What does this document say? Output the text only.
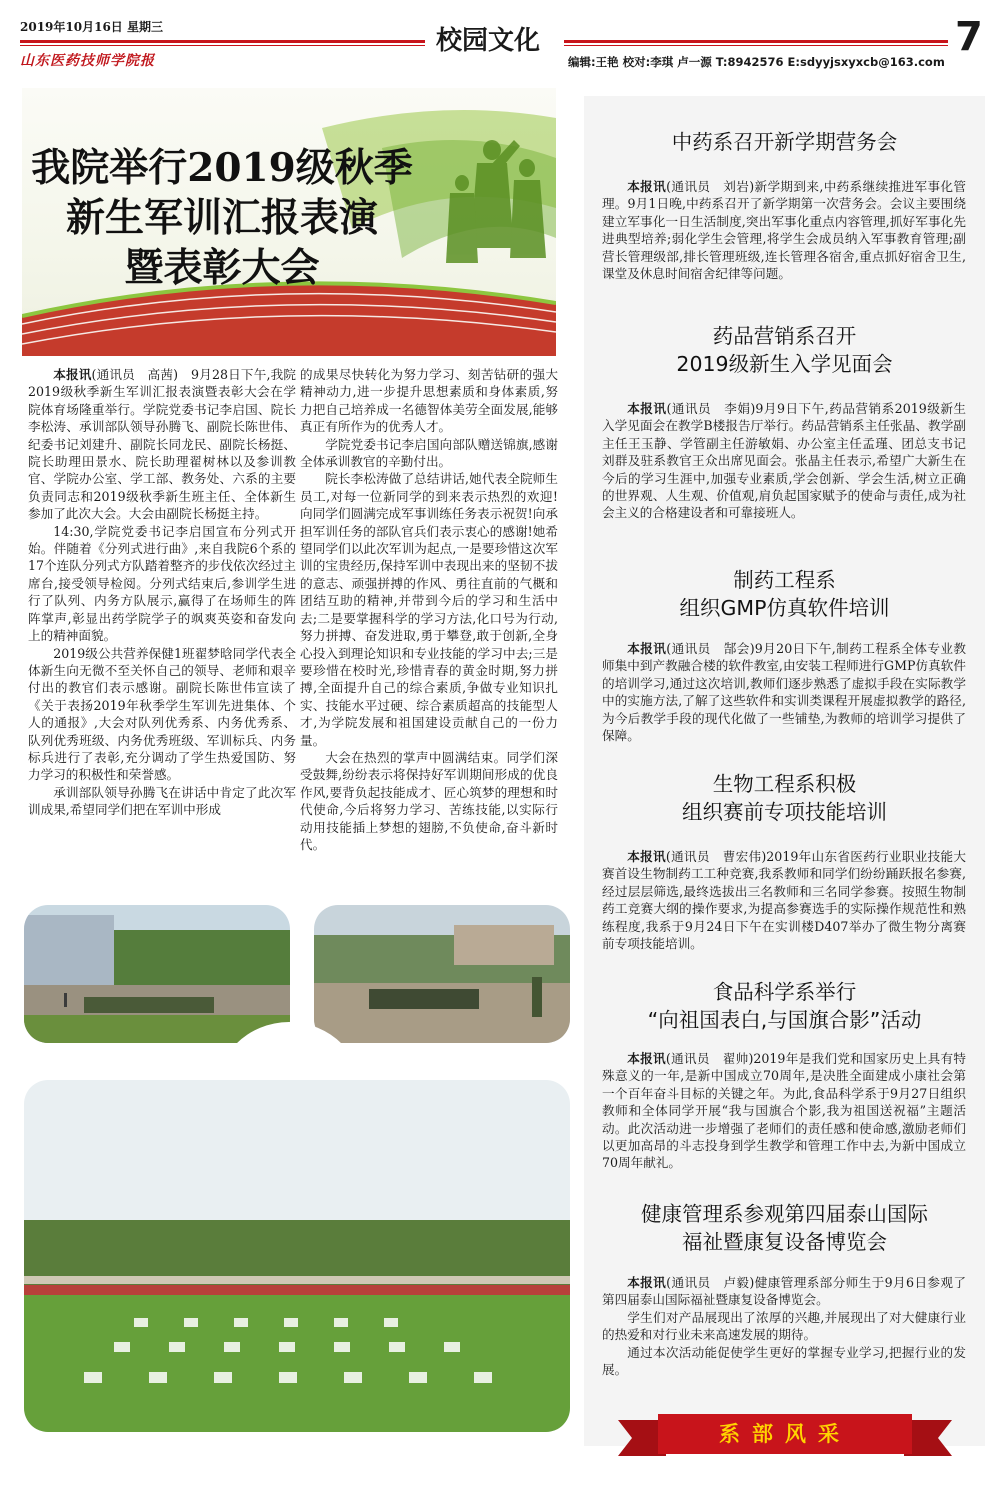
2019年10月16日 星期三
山东医药技师学院报
校园文化	7
编辑:王艳 校对:李琪 卢一源 T:8942576 E:sdyyjsxyxcb@163.com
我院举行2019级秋季
新生军训汇报表演
暨表彰大会

本报讯(通讯员　高茜)　9月28日下午,我院2019级秋季新生军训汇报表演暨表彰大会在学院体育场隆重举行。学院党委书记李启国、院长李松涛、承训部队领导孙腾飞、副院长陈世伟、纪委书记刘建升、副院长同龙民、副院长杨挺、院长助理田景水、院长助理翟树林以及参训教官、学院办公室、学工部、教务处、六系的主要负责同志和2019级秋季新生班主任、全体新生参加了此次大会。大会由副院长杨挺主持。

14:30,学院党委书记李启国宣布分列式开始。伴随着《分列式进行曲》,来自我院6个系的17个连队分列式方队踏着整齐的步伐依次经过主席台,接受领导检阅。分列式结束后,参训学生进行了队列、内务方队展示,赢得了在场师生的阵阵掌声,彰显出药学院学子的飒爽英姿和奋发向上的精神面貌。

2019级公共营养保健1班翟梦晗同学代表全体新生向无微不至关怀自己的领导、老师和艰辛付出的教官们表示感谢。副院长陈世伟宣读了《关于表扬2019年秋季学生军训先进集体、个人的通报》,大会对队列优秀系、内务优秀系、队列优秀班级、内务优秀班级、军训标兵、内务标兵进行了表彰,充分调动了学生热爱国防、努力学习的积极性和荣誉感。

承训部队领导孙腾飞在讲话中肯定了此次军训成果,希望同学们把在军训中形成

的成果尽快转化为努力学习、刻苦钻研的强大精神动力,进一步提升思想素质和身体素质,努力把自己培养成一名德智体美劳全面发展,能够真正有所作为的优秀人才。

学院党委书记李启国向部队赠送锦旗,感谢全体承训教官的辛勤付出。

院长李松涛做了总结讲话,她代表全院师生员工,对每一位新同学的到来表示热烈的欢迎!向同学们圆满完成军事训练任务表示祝贺!向承担军训任务的部队官兵们表示衷心的感谢!她希望同学们以此次军训为起点,一是要珍惜这次军训的宝贵经历,保持军训中表现出来的坚韧不拔的意志、顽强拼搏的作风、勇往直前的气概和团结互助的精神,并带到今后的学习和生活中去;二是要掌握科学的学习方法,化口号为行动,努力拼搏、奋发进取,勇于攀登,敢于创新,全身心投入到理论知识和专业技能的学习中去;三是要珍惜在校时光,珍惜青春的黄金时期,努力拼搏,全面提升自己的综合素质,争做专业知识扎实、技能水平过硬、综合素质超高的技能型人才,为学院发展和祖国建设贡献自己的一份力量。

大会在热烈的掌声中圆满结束。同学们深受鼓舞,纷纷表示将保持好军训期间形成的优良作风,要背负起技能成才、匠心筑梦的理想和时代使命,今后将努力学习、苦练技能,以实际行动用技能插上梦想的翅膀,不负使命,奋斗新时代。

中药系召开新学期营务会

本报讯(通讯员　刘岩)新学期到来,中药系继续推进军事化管理。9月1日晚,中药系召开了新学期第一次营务会。会议主要围绕建立军事化一日生活制度,突出军事化重点内容管理,抓好军事化先进典型培养;弱化学生会管理,将学生会成员纳入军事教育管理;副营长管理级部,排长管理班级,连长管理各宿舍,重点抓好宿舍卫生,课堂及休息时间宿舍纪律等问题。

药品营销系召开
2019级新生入学见面会

本报讯(通讯员　李娟)9月9日下午,药品营销系2019级新生入学见面会在教学B楼报告厅举行。药品营销系主任张晶、教学副主任王玉静、学管副主任游敏娟、办公室主任孟瑾、团总支书记刘群及驻系教官王众出席见面会。张晶主任表示,希望广大新生在今后的学习生涯中,加强专业素质,学会创新、学会生活,树立正确的世界观、人生观、价值观,肩负起国家赋予的使命与责任,成为社会主义的合格建设者和可靠接班人。

制药工程系
组织GMP仿真软件培训

本报讯(通讯员　郜会)9月20日下午,制药工程系全体专业教师集中到产教融合楼的软件教室,由安装工程师进行GMP仿真软件的培训学习,通过这次培训,教师们逐步熟悉了虚拟手段在实际教学中的实施方法,了解了这些软件和实训类课程开展虚拟教学的路径,为今后教学手段的现代化做了一些铺垫,为教师的培训学习提供了保障。

生物工程系积极
组织赛前专项技能培训

本报讯(通讯员　曹宏伟)2019年山东省医药行业职业技能大赛首设生物制药工工种竞赛,我系教师和同学们纷纷踊跃报名参赛,经过层层筛选,最终选拔出三名教师和三名同学参赛。按照生物制药工竞赛大纲的操作要求,为提高参赛选手的实际操作规范性和熟练程度,我系于9月24日下午在实训楼D407举办了微生物分离赛前专项技能培训。

食品科学系举行
“向祖国表白,与国旗合影”活动

本报讯(通讯员　翟帅)2019年是我们党和国家历史上具有特殊意义的一年,是新中国成立70周年,是决胜全面建成小康社会第一个百年奋斗目标的关键之年。为此,食品科学系于9月27日组织教师和全体同学开展“我与国旗合个影,我为祖国送祝福”主题活动。此次活动进一步增强了老师们的责任感和使命感,激励老师们以更加高昂的斗志投身到学生教学和管理工作中去,为新中国成立70周年献礼。

健康管理系参观第四届泰山国际
福祉暨康复设备博览会

本报讯(通讯员　卢毅)健康管理系部分师生于9月6日参观了第四届泰山国际福祉暨康复设备博览会。

学生们对产品展现出了浓厚的兴趣,并展现出了对大健康行业的热爱和对行业未来高速发展的期待。

通过本次活动能促使学生更好的掌握专业学习,把握行业的发展。

系部风采
